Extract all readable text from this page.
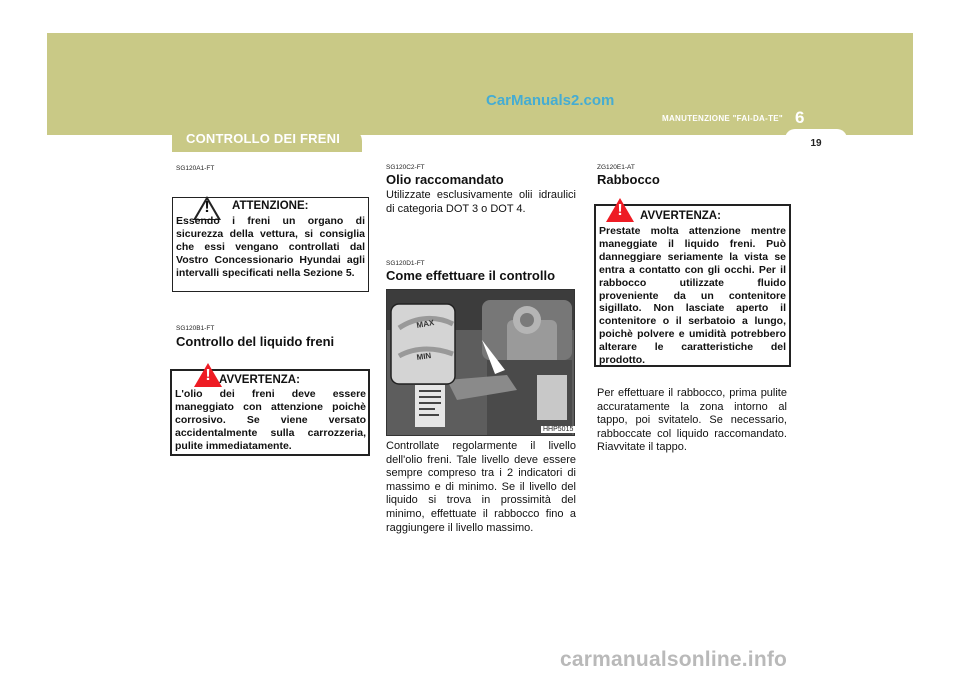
CONTROLLO DEI FRENI	19
6
MANUTENZIONE "FAI-DA-TE"
CarManuals2.com
SG120A1-FT
!	ATTENZIONE:
Essendo i freni un organo di sicurezza della vettura, si consiglia che essi vengano controllati dal Vostro Concessionario Hyundai agli intervalli specificati nella Sezione 5.
SG120B1-FT
Controllo del liquido freni
! AVVERTENZA:
L'olio dei freni deve essere maneggiato con attenzione poichè corrosivo. Se viene versato accidentalmente sulla carrozzeria, pulite immediatamente.
SG120C2-FT
Olio raccomandato
Utilizzate esclusivamente olii idraulici di categoria DOT 3 o DOT 4.
SG120D1-FT
Come effettuare il controllo
MAX
MIN
HHP5015
Controllate regolarmente il livello dell'olio freni. Tale livello deve essere sempre compreso tra i 2 indicatori di massimo e di minimo. Se il livello del liquido si trova in prossimità del minimo, effettuate il rabbocco fino a raggiungere il livello massimo.
ZG120E1-AT
Rabbocco
!	AVVERTENZA:
Prestate molta attenzione mentre maneggiate il liquido freni. Può danneggiare seriamente la vista se entra a contatto con gli occhi. Per il rabbocco utilizzate fluido proveniente da un contenitore sigillato. Non lasciate aperto il contenitore o il serbatoio a lungo, poichè polvere e umidità potrebbero alterare le caratteristiche del prodotto.
Per effettuare il rabbocco, prima pulite accuratamente la zona intorno al tappo, poi svitatelo. Se necessario, rabboccate col liquido raccomandato. Riavvitate il tappo.
carmanualsonline.info
